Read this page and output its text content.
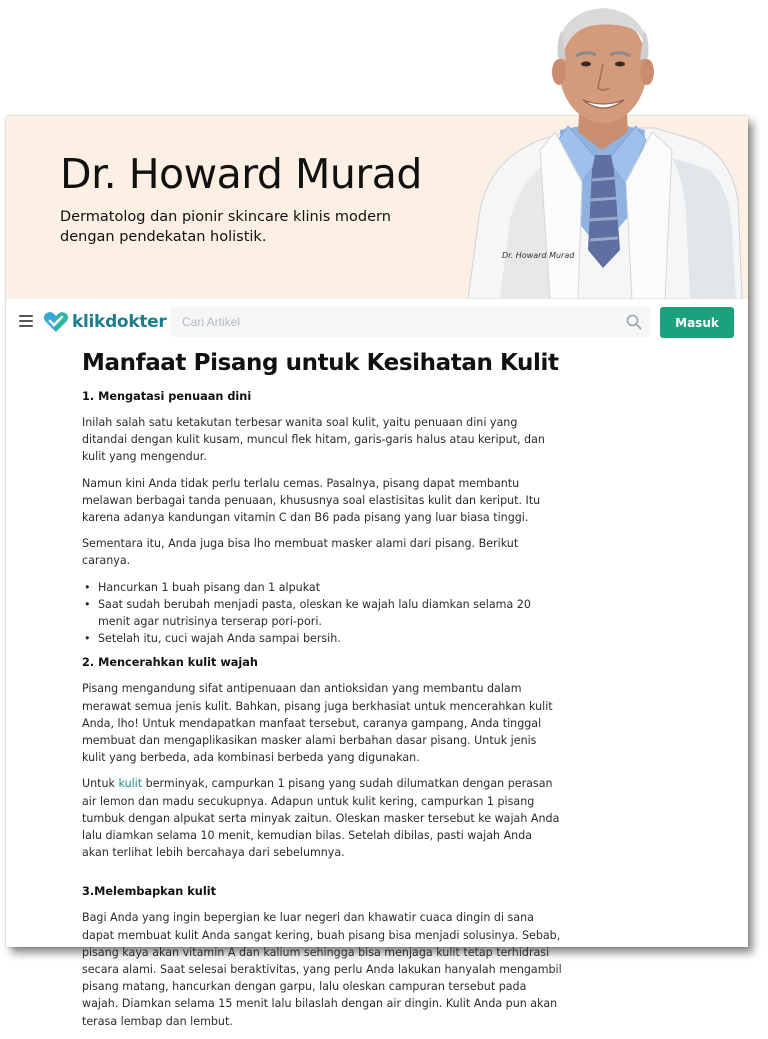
Dr. Howard Murad
Dermatolog dan pionir skincare klinis modern dengan pendekatan holistik.
Dr. Howard Murad
klikdokter
Cari Artikel	Masuk
Manfaat Pisang untuk Kesihatan Kulit
1. Mengatasi penuaan dini

Inilah salah satu ketakutan terbesar wanita soal kulit, yaitu penuaan dini yang ditandai dengan kulit kusam, muncul flek hitam, garis-garis halus atau keriput, dan kulit yang mengendur.

Namun kini Anda tidak perlu terlalu cemas. Pasalnya, pisang dapat membantu melawan berbagai tanda penuaan, khususnya soal elastisitas kulit dan keriput. Itu karena adanya kandungan vitamin C dan B6 pada pisang yang luar biasa tinggi.

Sementara itu, Anda juga bisa lho membuat masker alami dari pisang. Berikut caranya.

• Hancurkan 1 buah pisang dan 1 alpukat
• Saat sudah berubah menjadi pasta, oleskan ke wajah lalu diamkan selama 20 menit agar nutrisinya terserap pori-pori.
• Setelah itu, cuci wajah Anda sampai bersih.
2. Mencerahkan kulit wajah

Pisang mengandung sifat antipenuaan dan antioksidan yang membantu dalam merawat semua jenis kulit. Bahkan, pisang juga berkhasiat untuk mencerahkan kulit Anda, lho! Untuk mendapatkan manfaat tersebut, caranya gampang, Anda tinggal membuat dan mengaplikasikan masker alami berbahan dasar pisang. Untuk jenis kulit yang berbeda, ada kombinasi berbeda yang digunakan.

Untuk kulit berminyak, campurkan 1 pisang yang sudah dilumatkan dengan perasan air lemon dan madu secukupnya. Adapun untuk kulit kering, campurkan 1 pisang tumbuk dengan alpukat serta minyak zaitun. Oleskan masker tersebut ke wajah Anda lalu diamkan selama 10 menit, kemudian bilas. Setelah dibilas, pasti wajah Anda akan terlihat lebih bercahaya dari sebelumnya.

3.Melembapkan kulit

Bagi Anda yang ingin bepergian ke luar negeri dan khawatir cuaca dingin di sana dapat membuat kulit Anda sangat kering, buah pisang bisa menjadi solusinya. Sebab, pisang kaya akan vitamin A dan kalium sehingga bisa menjaga kulit tetap terhidrasi secara alami. Saat selesai beraktivitas, yang perlu Anda lakukan hanyalah mengambil pisang matang, hancurkan dengan garpu, lalu oleskan campuran tersebut pada wajah. Diamkan selama 15 menit lalu bilaslah dengan air dingin. Kulit Anda pun akan terasa lembap dan lembut.
